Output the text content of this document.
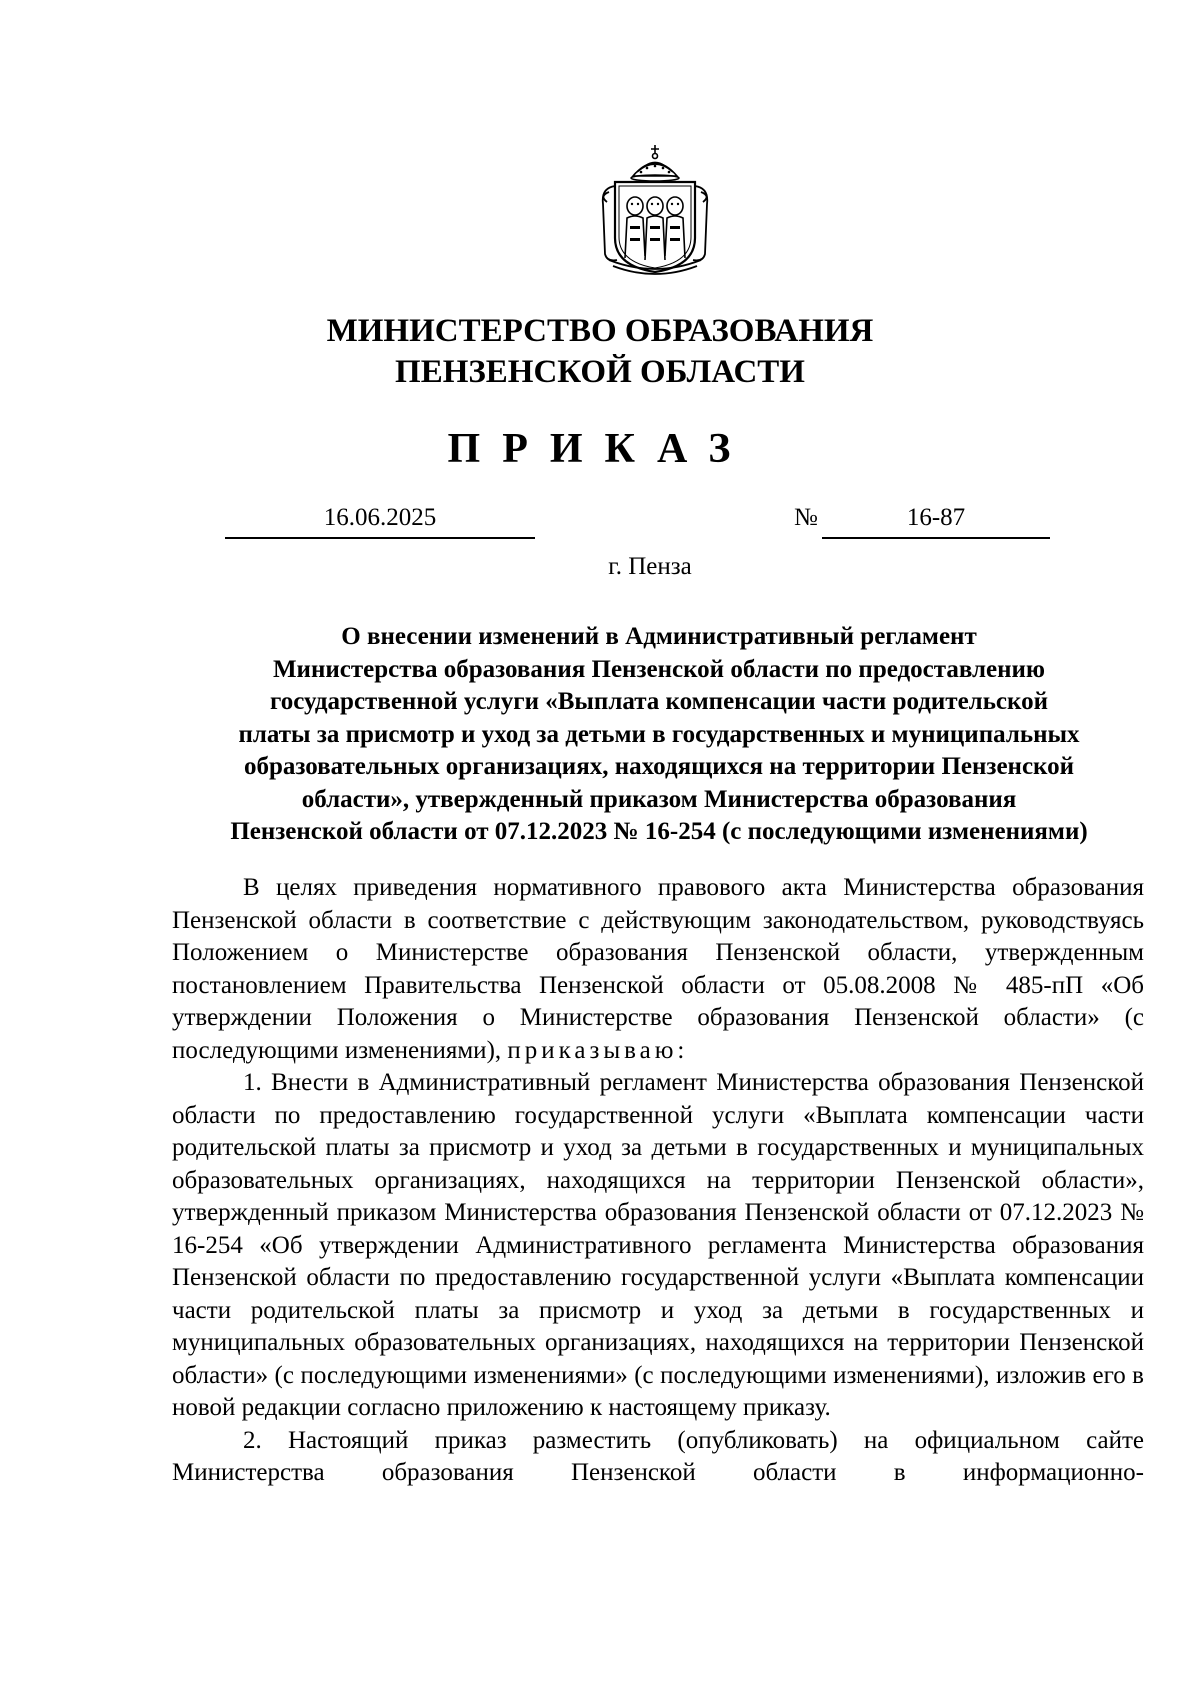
МИНИСТЕРСТВО ОБРАЗОВАНИЯ
ПЕНЗЕНСКОЙ ОБЛАСТИ
ПРИКАЗ
16.06.2025	№	16-87
г. Пенза
О внесении изменений в Административный регламент
Министерства образования Пензенской области по предоставлению
государственной услуги «Выплата компенсации части родительской
платы за присмотр и уход за детьми в государственных и муниципальных
образовательных организациях, находящихся на территории Пензенской
области», утвержденный приказом Министерства образования
Пензенской области от 07.12.2023 № 16-254 (с последующими изменениями)

В целях приведения нормативного правового акта Министерства образования Пензенской области в соответствие с действующим законодательством, руководствуясь Положением о Министерстве образования Пензенской области, утвержденным постановлением Правительства Пензенской области от 05.08.2008 № 485-пП «Об утверждении Положения о Министерстве образования Пензенской области» (с последующими изменениями), приказываю:

1. Внести в Административный регламент Министерства образования Пензенской области по предоставлению государственной услуги «Выплата компенсации части родительской платы за присмотр и уход за детьми в государственных и муниципальных образовательных организациях, находящихся на территории Пензенской области», утвержденный приказом Министерства образования Пензенской области от 07.12.2023 № 16-254 «Об утверждении Административного регламента Министерства образования Пензенской области по предоставлению государственной услуги «Выплата компенсации части родительской платы за присмотр и уход за детьми в государственных и муниципальных образовательных организациях, находящихся на территории Пензенской области» (с последующими изменениями» (с последующими изменениями), изложив его в новой редакции согласно приложению к настоящему приказу.

2. Настоящий приказ разместить (опубликовать) на официальном сайте Министерства образования Пензенской области в информационно-
